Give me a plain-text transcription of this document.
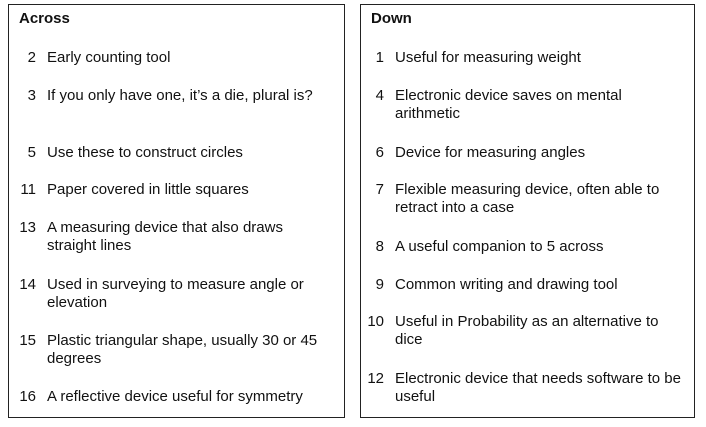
Across
2 Early counting tool
3 If you only have one, it’s a die, plural is?
5 Use these to construct circles
11 Paper covered in little squares
13 A measuring device that also draws straight lines
14 Used in surveying to measure angle or elevation
15 Plastic triangular shape, usually 30 or 45 degrees
16 A reflective device useful for symmetry
Down
1 Useful for measuring weight
4 Electronic device saves on mental arithmetic
6 Device for measuring angles
7 Flexible measuring device, often able to retract into a case
8 A useful companion to 5 across
9 Common writing and drawing tool
10 Useful in Probability as an alternative to dice
12 Electronic device that needs software to be useful
